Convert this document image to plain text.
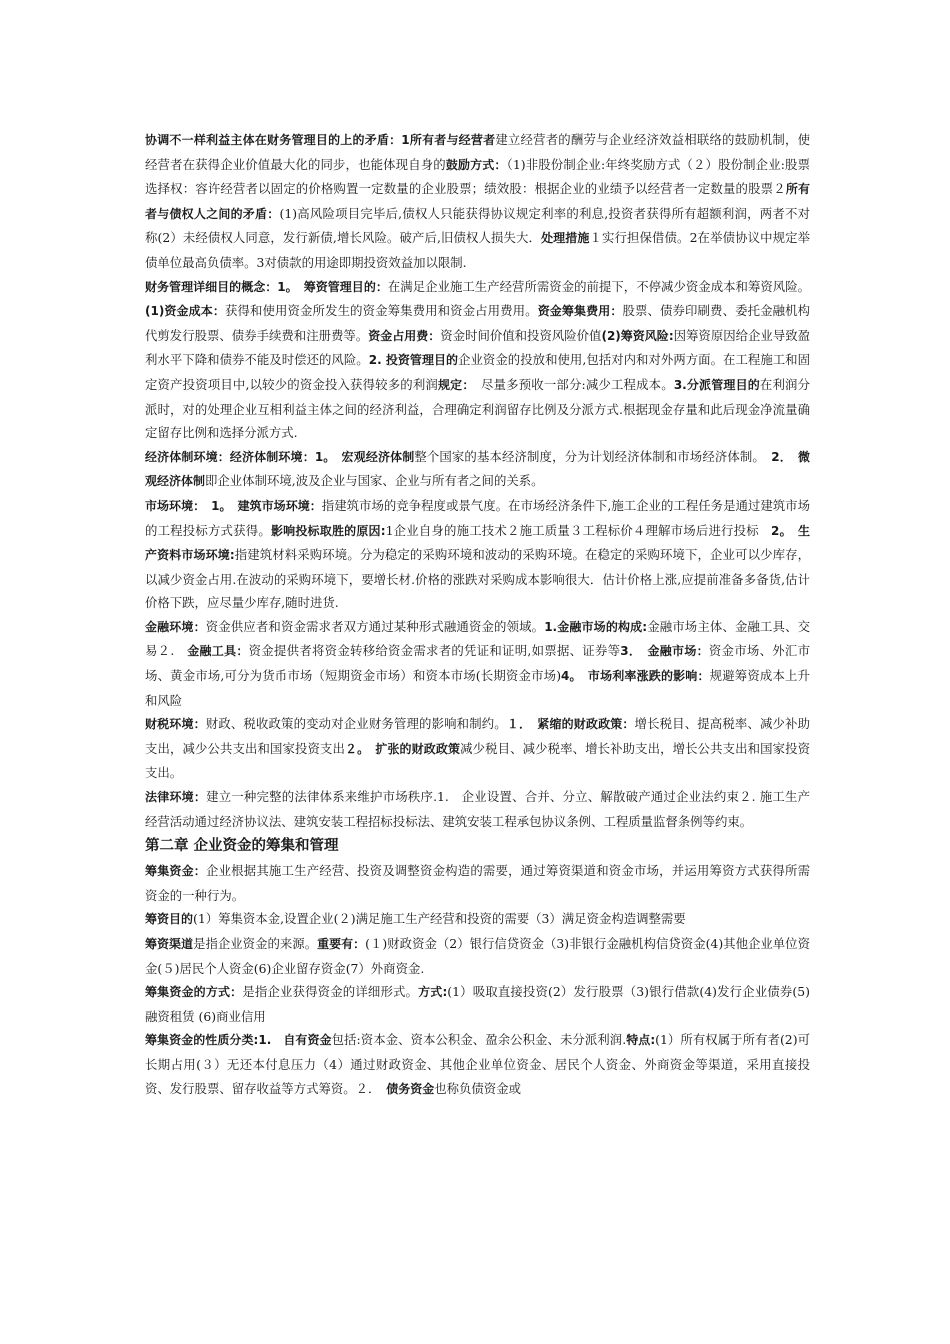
协调不一样利益主体在财务管理目的上的矛盾：1所有者与经营者建立经营者的酬劳与企业经济效益相联络的鼓励机制，使经营者在获得企业价值最大化的同步，也能体现自身的鼓励方式：（1)非股份制企业:年终奖励方式（２）股份制企业:股票选择权：容许经营者以固定的价格购置一定数量的企业股票；绩效股：根据企业的业绩予以经营者一定数量的股票２所有者与债权人之间的矛盾：(1)高风险项目完毕后,债权人只能获得协议规定利率的利息,投资者获得所有超额利润，两者不对称(2）未经债权人同意，发行新债,增长风险。破产后,旧债权人损失大．处理措施１实行担保借债。2在举债协议中规定举债单位最高负债率。3对债款的用途即期投资效益加以限制.

财务管理详细目的概念：1。　筹资管理目的：在满足企业施工生产经营所需资金的前提下，不停减少资金成本和筹资风险。(1)资金成本：获得和使用资金所发生的资金筹集费用和资金占用费用。资金筹集费用：股票、债券印刷费、委托金融机构代剪发行股票、债券手续费和注册费等。资金占用费：资金时间价值和投资风险价值(2)筹资风险:因筹资原因给企业导致盈利水平下降和债券不能及时偿还的风险。2. 投资管理目的企业资金的投放和使用,包括对内和对外两方面。在工程施工和固定资产投资项目中,以较少的资金投入获得较多的利润规定：　尽量多预收一部分:减少工程成本。3.分派管理目的在利润分派时，对的处理企业互相利益主体之间的经济利益，合理确定利润留存比例及分派方式.根据现金存量和此后现金净流量确定留存比例和选择分派方式.

经济体制环境：经济体制环境：1。　宏观经济体制整个国家的基本经济制度，分为计划经济体制和市场经济体制。　2．　微观经济体制即企业体制环境,波及企业与国家、企业与所有者之间的关系。

市场环境：　1。　建筑市场环境：指建筑市场的竞争程度或景气度。在市场经济条件下,施工企业的工程任务是通过建筑市场的工程投标方式获得。影响投标取胜的原因:1企业自身的施工技术２施工质量３工程标价４理解市场后进行投标　2。　生产资料市场环境:指建筑材料采购环境。分为稳定的采购环境和波动的采购环境。在稳定的采购环境下，企业可以少库存，以减少资金占用.在波动的采购环境下，要增长材.价格的涨跌对采购成本影响很大．估计价格上涨,应提前准备多备货,估计价格下跌，应尽量少库存,随时进货.

金融环境：资金供应者和资金需求者双方通过某种形式融通资金的领域。1.金融市场的构成:金融市场主体、金融工具、交易２.　金融工具：资金提供者将资金转移给资金需求者的凭证和证明,如票据、证券等3．　金融市场：资金市场、外汇市场、黄金市场,可分为货币市场（短期资金市场）和资本市场(长期资金市场)4。　市场利率涨跌的影响：规避筹资成本上升和风险

财税环境：财政、税收政策的变动对企业财务管理的影响和制约。１．　紧缩的财政政策：增长税目、提高税率、减少补助支出，减少公共支出和国家投资支出２。　扩张的财政政策减少税目、减少税率、增长补助支出，增长公共支出和国家投资支出。

法律环境：建立一种完整的法律体系来维护市场秩序.1.　企业设置、合并、分立、解散破产通过企业法约束２. 施工生产经营活动通过经济协议法、建筑安装工程招标投标法、建筑安装工程承包协议条例、工程质量监督条例等约束。

第二章 企业资金的筹集和管理

筹集资金：企业根据其施工生产经营、投资及调整资金构造的需要，通过筹资渠道和资金市场，并运用筹资方式获得所需资金的一种行为。

筹资目的(1）筹集资本金,设置企业(２)满足施工生产经营和投资的需要（3）满足资金构造调整需要

筹资渠道是指企业资金的来源。重要有：(１)财政资金（2）银行信贷资金（3)非银行金融机构信贷资金(4)其他企业单位资金(５)居民个人资金(6)企业留存资金(7）外商资金.

筹集资金的方式：是指企业获得资金的详细形式。方式:(1）吸取直接投资(2）发行股票（3)银行借款(4)发行企业债券(5)融资租赁 (6)商业信用

筹集资金的性质分类:1.　自有资金包括:资本金、资本公积金、盈余公积金、未分派利润.特点:(1）所有权属于所有者(2)可长期占用(３）无还本付息压力（4）通过财政资金、其他企业单位资金、居民个人资金、外商资金等渠道，采用直接投资、发行股票、留存收益等方式筹资。２．　债务资金也称负债资金或
